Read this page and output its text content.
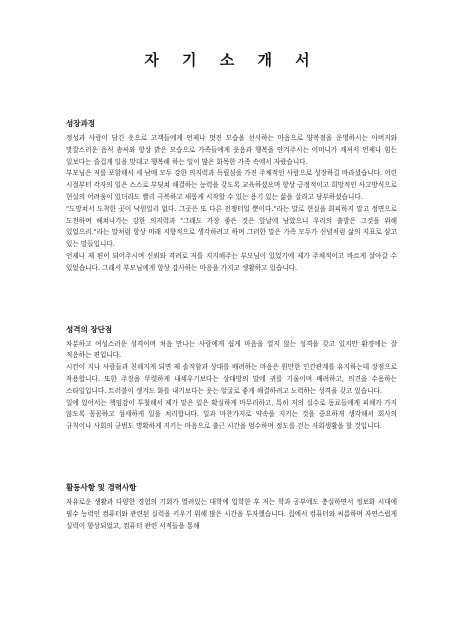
자 기 소 개 서
성장과정

정성과 사랑이 담긴 옷으로 고객들에게 언제나 멋진 모습을 선사하는 마음으로 양복점을 운영하시는 아버지와 맛깔스러운 음식 솜씨와 항상 밝은 모습으로 가족들에게 웃음과 행복을 안겨주시는 어머니가 계셔서 언제나 힘든 일보다는 즐겁게 일을 맞대고 행복해 하는 일이 많은 화목한 가족 속에서 자랐습니다.

부모님은 저를 포함해서 세 남매 모두 강한 의지력과 독립심을 가진 주체적인 사람으로 성장하길 바라셨습니다. 어린 시절부터 각자의 일은 스스로 부딪쳐 해결하는 능력을 갖도록 교육하셨으며 항상 긍정적이고 희망적인 사고방식으로 현실의 어려움이 있더라도 빨리 극복하고 새롭게 시작할 수 있는 용기 있는 삶을 살라고 당부하셨습니다.

"도망쳐서 도착한 곳이 낙원일리 없다. 그곳은 또 다른 전쟁터일 뿐이다."라는 말로 현실을 회피하지 말고 정면으로 도전하며 헤쳐나가는 강한 의지력과 "그래도 가장 좋은 것은 앞날에 남았으니 우리의 출발은 그것을 위해 있었으리."라는 말처럼 항상 미래 지향적으로 생각하려고 하며 그러한 말은 가족 모두가 신념처럼 삶의 지표로 삼고 있는 말들입니다.

언제나 제 편이 되어주시며 신뢰와 격려로 저를 지지해주는 부모님이 있었기에 제가 주체적이고 바르게 살아갈 수 있었습니다. 그래서 부모님에게 항상 감사하는 마음을 가지고 생활하고 있습니다.

성격의 장단점

차분하고 여성스러운 성격이며 처음 만나는 사람에게 쉽게 마음을 열지 않는 성격을 갖고 있지만 환경에는 잘 적응하는 편입니다.

시간이 지나 사람들과 친해지게 되면 제 솔직함과 상대를 배려하는 마음은 원만한 인간관계를 유지하는데 장점으로 작용합니다. 또한 주장을 뚜렷하게 내세우기보다는 상대방의 말에 귀를 기울이며 배려하고, 의견을 수용하는 스타일입니다. 트러블이 생겨도 화를 내기보다는 웃는 얼굴로 좋게 해결하려고 노력하는 성격을 갖고 있습니다.

일에 있어서는 책임감이 투철해서 제가 맡은 일은 확실하게 마무리하고, 특히 저의 실수로 동료들에게 피해가 가지 않도록 꼼꼼하고 섬세하게 일을 처리합니다. 일과 마찬가지로 약속을 지키는 것을 중요하게 생각해서 회사의 규칙이나 사회의 규범도 명확하게 지키는 마음으로 출근 시간을 엄수하며 정도를 걷는 사회생활을 할 것입니다.

활동사항 및 경력사항

자유로운 생활과 다양한 경험의 기회가 열려있는 대학에 입학한 후 저는 학과 공부에도 충실하면서 정보화 시대에 필수 능력인 컴퓨터와 관련된 실력을 키우기 위해 많은 시간을 투자했습니다. 집에서 컴퓨터와 씨름하며 자연스럽게 실력이 향상되었고, 컴퓨터 관련 서적들을 통해
